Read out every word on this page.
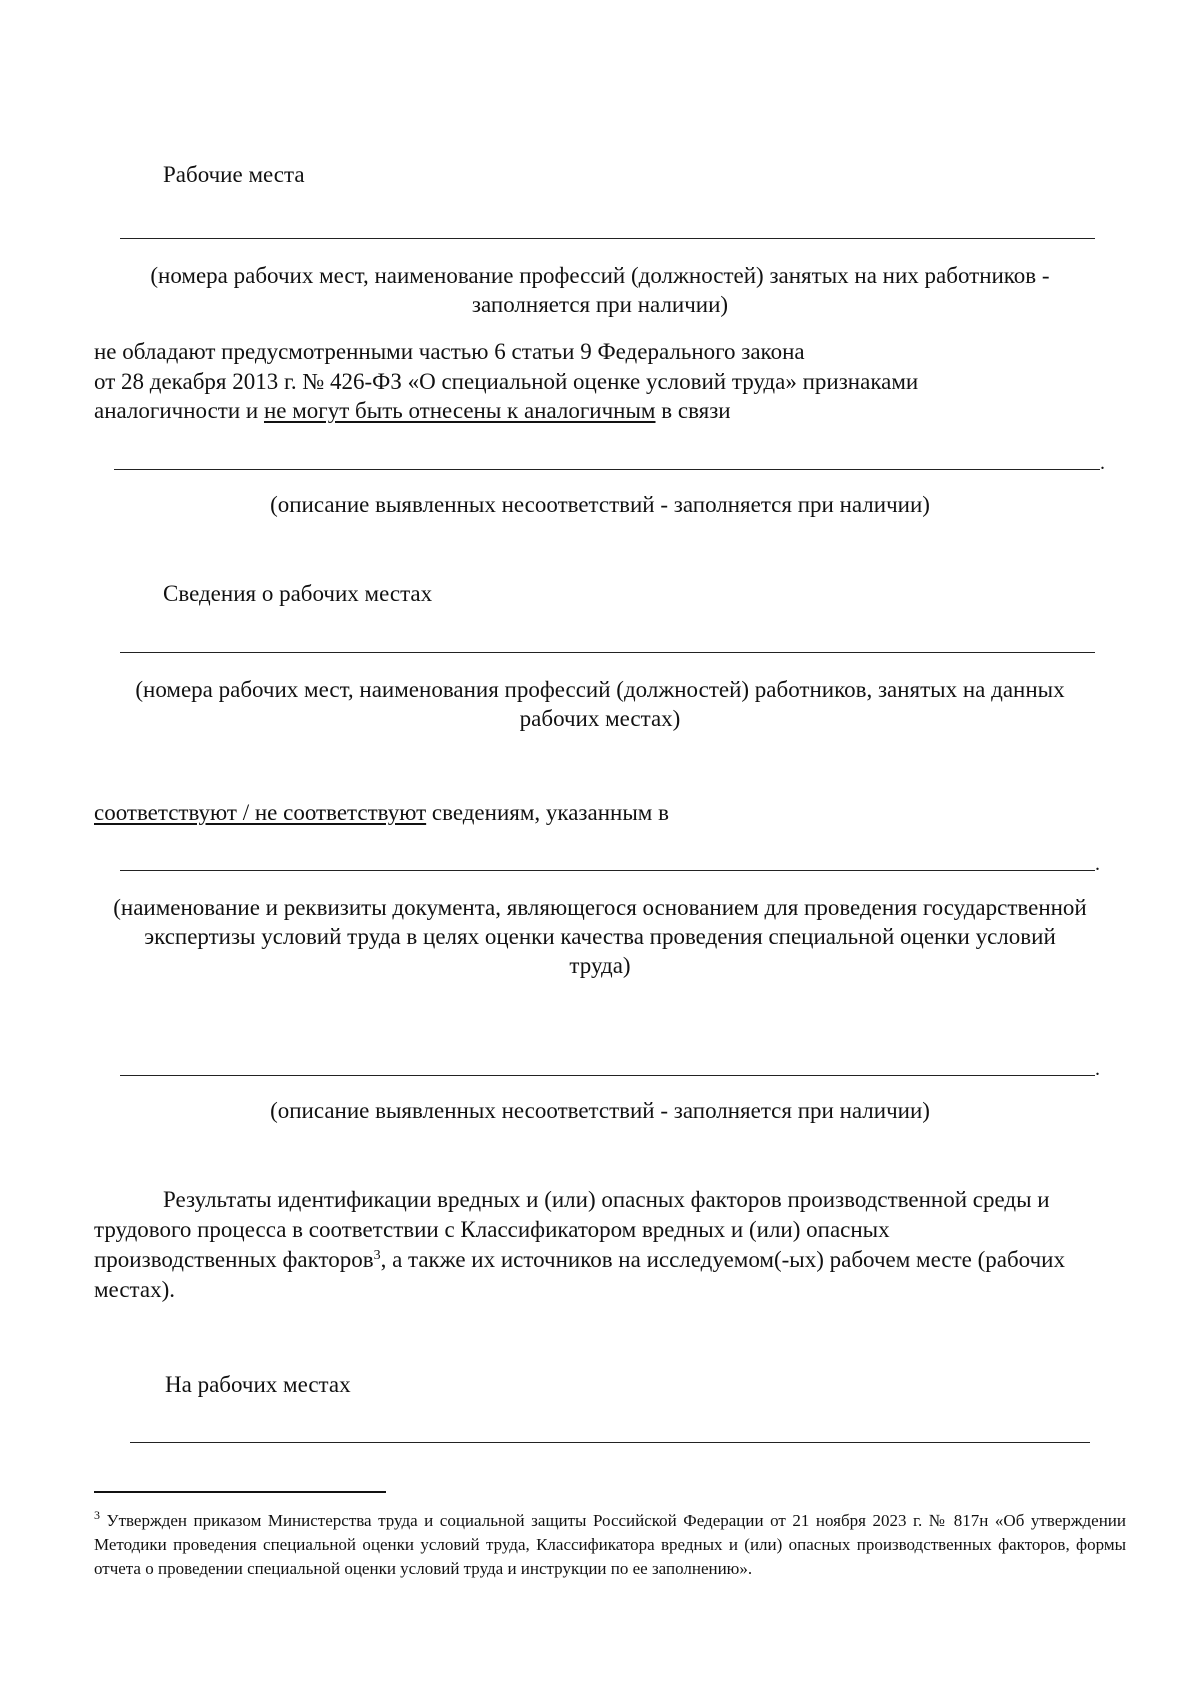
Рабочие места

(номера рабочих мест, наименование профессий (должностей) занятых на них работников -

заполняется при наличии)

не обладают предусмотренными частью 6 статьи 9 Федерального закона

от 28 декабря 2013 г. № 426-ФЗ «О специальной оценке условий труда» признаками

аналогичности и не могут быть отнесены к аналогичным в связи

.

(описание выявленных несоответствий - заполняется при наличии)

Сведения о рабочих местах

(номера рабочих мест, наименования профессий (должностей) работников, занятых на данных

рабочих местах)

соответствуют / не соответствуют сведениям, указанным в

.

(наименование и реквизиты документа, являющегося основанием для проведения государственной

экспертизы условий труда в целях оценки качества проведения специальной оценки условий

труда)

.

(описание выявленных несоответствий - заполняется при наличии)

Результаты идентификации вредных и (или) опасных факторов производственной среды и

трудового процесса в соответствии с Классификатором вредных и (или) опасных

производственных факторов$^3$, а также их источников на исследуемом(-ых) рабочем месте (рабочих

местах).

На рабочих местах

$^3$ Утвержден приказом Министерства труда и социальной защиты Российской Федерации от 21 ноября 2023 г. № 817н «Об утверждении Методики проведения специальной оценки условий труда, Классификатора вредных и (или) опасных производственных факторов, формы отчета о проведении специальной оценки условий труда и инструкции по ее заполнению».
